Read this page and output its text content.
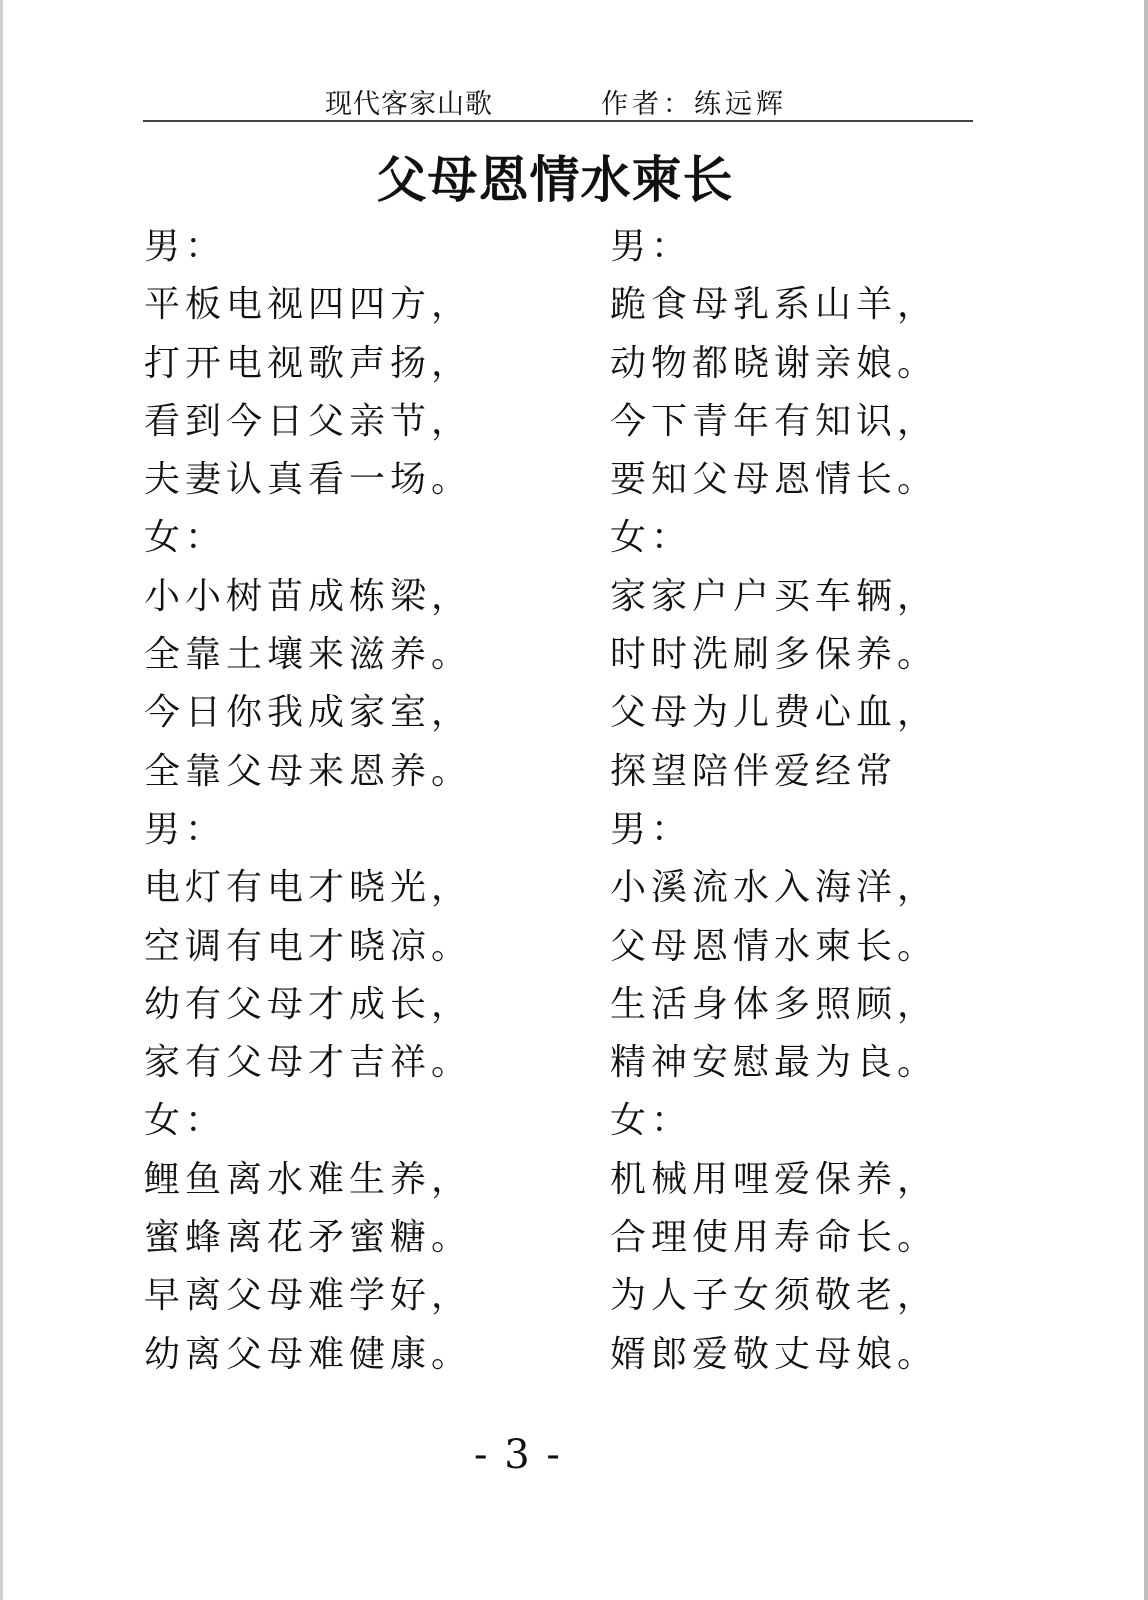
现代客家山歌	作者：练远辉
父母恩情水柬长
男：
平板电视四四方，
打开电视歌声扬，
看到今日父亲节，
夫妻认真看一场。
女：
小小树苗成栋梁，
全靠土壤来滋养。
今日你我成家室，
全靠父母来恩养。
男：
电灯有电才晓光，
空调有电才晓凉。
幼有父母才成长，
家有父母才吉祥。
女：
鲤鱼离水难生养，
蜜蜂离花矛蜜糖。
早离父母难学好，
幼离父母难健康。
男：
跪食母乳系山羊，
动物都晓谢亲娘。
今下青年有知识，
要知父母恩情长。
女：
家家户户买车辆，
时时洗刷多保养。
父母为儿费心血，
探望陪伴爱经常
男：
小溪流水入海洋，
父母恩情水柬长。
生活身体多照顾，
精神安慰最为良。
女：
机械用哩爱保养，
合理使用寿命长。
为人子女须敬老，
婿郎爱敬丈母娘。
- 3 -
